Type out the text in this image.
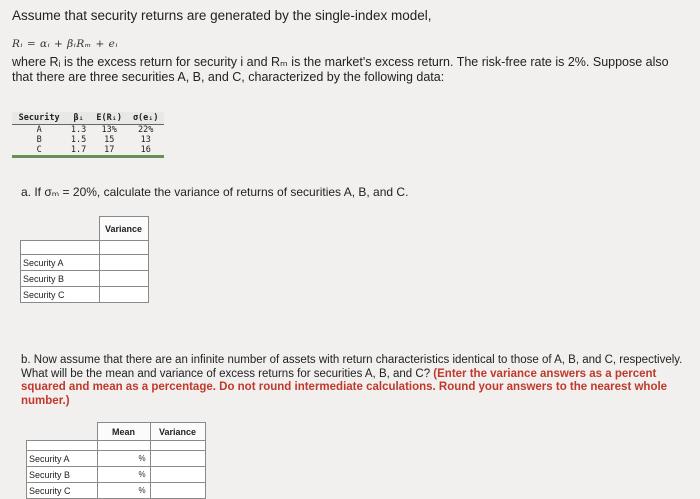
Assume that security returns are generated by the single-index model,
Rᵢ = αᵢ + βᵢRₘ + eᵢ
where Rᵢ is the excess return for security i and Rₘ is the market's excess return. The risk-free rate is 2%. Suppose also that there are three securities A, B, and C, characterized by the following data:
Security	βᵢ	E(Rᵢ)	σ(eᵢ)
A	1.3	13%	22%
B	1.5	15	13
C	1.7	17	16
a. If σₘ = 20%, calculate the variance of returns of securities A, B, and C.
	Variance

Security A	
Security B	
Security C	
b. Now assume that there are an infinite number of assets with return characteristics identical to those of A, B, and C, respectively. What will be the mean and variance of excess returns for securities A, B, and C? (Enter the variance answers as a percent squared and mean as a percentage. Do not round intermediate calculations. Round your answers to the nearest whole number.)
	Mean	Variance

Security A	%

Security B	%

Security C	%
